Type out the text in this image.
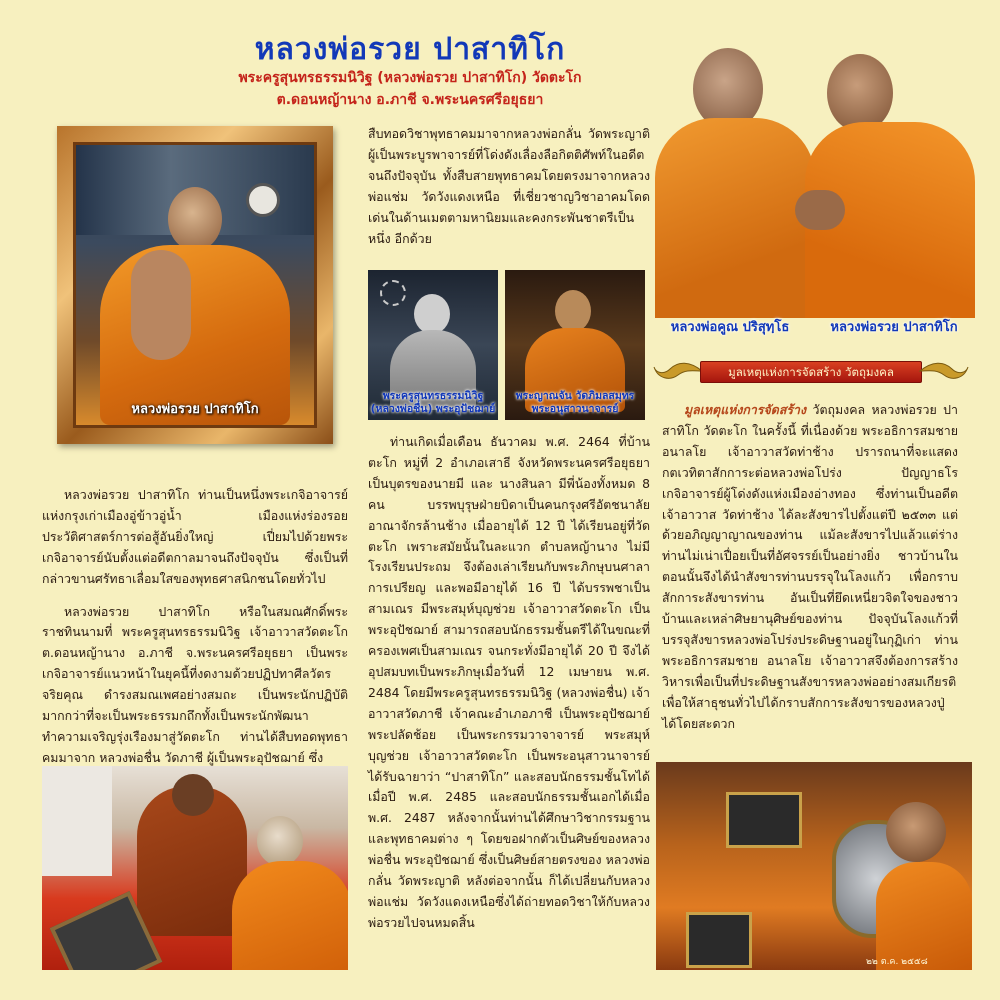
หลวงพ่อรวย ปาสาทิโก
พระครูสุนทรธรรมนิวิฐ (หลวงพ่อรวย ปาสาทิโก) วัดตะโก
ต.ดอนหญ้านาง อ.ภาชี จ.พระนครศรีอยุธยา
หลวงพ่อรวย ปาสาทิโก

หลวงพ่อรวย ปาสาทิโก ท่านเป็นหนึ่งพระเกจิอาจารย์แห่งกรุงเก่าเมืองอู่ข้าวอู่น้ำ เมืองแห่งร่องรอยประวัติศาสตร์การต่อสู้อันยิ่งใหญ่ เปี่ยมไปด้วยพระเกจิอาจารย์นับตั้งแต่อดีตกาลมาจนถึงปัจจุบัน ซึ่งเป็นที่กล่าวขานศรัทธาเลื่อมใสของพุทธศาสนิกชนโดยทั่วไป

หลวงพ่อรวย ปาสาทิโก หรือในสมณศักดิ์พระราชทินนามที่ พระครูสุนทรธรรมนิวิฐ เจ้าอาวาสวัดตะโก ต.ดอนหญ้านาง อ.ภาชี จ.พระนครศรีอยุธยา เป็นพระเกจิอาจารย์แนวหน้าในยุคนี้ที่งดงามด้วยปฏิปทาศีลวัตรจริยคุณ ดำรงสมณเพศอย่างสมถะ เป็นพระนักปฏิบัติมากกว่าที่จะเป็นพระธรรมกถึกทั้งเป็นพระนักพัฒนาทำความเจริญรุ่งเรืองมาสู่วัดตะโก ท่านได้สืบทอดพุทธาคมมาจาก หลวงพ่อชื่น วัดภาชี ผู้เป็นพระอุปัชฌาย์ ซึ่ง

สืบทอดวิชาพุทธาคมมาจากหลวงพ่อกลั่น วัดพระญาติ ผู้เป็นพระบูรพาจารย์ที่โด่งดังเลื่องลือกิตติศัพท์ในอดีตจนถึงปัจจุบัน ทั้งสืบสายพุทธาคมโดยตรงมาจากหลวงพ่อแช่ม วัดวังแดงเหนือ ที่เชี่ยวชาญวิชาอาคมโดดเด่นในด้านเมตตามหานิยมและคงกระพันชาตรีเป็นหนึ่ง อีกด้วย

พระครูสุนทรธรรมนิวิฐ (หลวงพ่อชื่น) พระอุปัชฌาย์
พระญาณจัน วัดภิมลสมุทร พระอนุสาวนาจารย์

ท่านเกิดเมื่อเดือน ธันวาคม พ.ศ. 2464 ที่บ้านตะโก หมู่ที่ 2 อำเภอเสาธี จังหวัดพระนครศรีอยุธยา เป็นบุตรของนายมี และ นางสินลา มีพี่น้องทั้งหมด 8 คน บรรพบุรุษฝ่ายบิดาเป็นคนกรุงศรีอัตชนาลัย อาณาจักรล้านช้าง เมื่ออายุได้ 12 ปี ได้เรียนอยู่ที่วัดตะโก เพราะสมัยนั้นในละแวก ตำบลหญ้านาง ไม่มีโรงเรียนประถม จึงต้องเล่าเรียนกับพระภิกษุบนศาลาการเปรียญ และพอมีอายุได้ 16 ปี ได้บรรพชาเป็นสามเณร มีพระสมุห์บุญช่วย เจ้าอาวาสวัดตะโก เป็นพระอุปัชฌาย์ สามารถสอบนักธรรมชั้นตรีได้ในขณะที่ครองเพศเป็นสามเณร จนกระทั่งมีอายุได้ 20 ปี จึงได้อุปสมบทเป็นพระภิกษุเมื่อวันที่ 12 เมษายน พ.ศ. 2484 โดยมีพระครูสุนทรธรรมนิวิฐ (หลวงพ่อชื่น) เจ้าอาวาสวัดภาชี เจ้าคณะอำเภอภาชี เป็นพระอุปัชฌาย์ พระปลัดช้อย เป็นพระกรรมวาจาจารย์ พระสมุห์บุญช่วย เจ้าอาวาสวัดตะโก เป็นพระอนุสาวนาจารย์ ได้รับฉายาว่า “ปาสาทิโก” และสอบนักธรรมชั้นโทได้เมื่อปี พ.ศ. 2485 และสอบนักธรรมชั้นเอกได้เมื่อ พ.ศ. 2487 หลังจากนั้นท่านได้ศึกษาวิชากรรมฐานและพุทธาคมต่าง ๆ โดยขอฝากตัวเป็นศิษย์ของหลวงพ่อชื่น พระอุปัชฌาย์ ซึ่งเป็นศิษย์สายตรงของ หลวงพ่อกลั่น วัดพระญาติ หลังต่อจากนั้น ก็ได้เปลี่ยนกับหลวงพ่อแช่ม วัดวังแดงเหนือซึ่งได้ถ่ายทอดวิชาให้กับหลวงพ่อรวยไปจนหมดสิ้น

หลวงพ่อคูณ ปริสุทฺโธ	หลวงพ่อรวย ปาสาทิโก
มูลเหตุแห่งการจัดสร้าง วัตถุมงคล

มูลเหตุแห่งการจัดสร้าง วัตถุมงคล หลวงพ่อรวย ปาสาทิโก วัดตะโก ในครั้งนี้ ที่เนื่องด้วย พระอธิการสมชาย อนาลโย เจ้าอาวาสวัดท่าช้าง ปรารถนาที่จะแสดงกตเวทิตาสักการะต่อหลวงพ่อโปร่ง ปัญญาธโร เกจิอาจารย์ผู้โด่งดังแห่งเมืองอ่างทอง ซึ่งท่านเป็นอดีตเจ้าอาวาส วัดท่าช้าง ได้ละสังขารไปตั้งแต่ปี ๒๕๓๓ แต่ด้วยอภิญญาญาณของท่าน แม้ละสังขารไปแล้วแต่ร่างท่านไม่เน่าเปื่อยเป็นที่อัศจรรย์เป็นอย่างยิ่ง ชาวบ้านในตอนนั้นจึงได้นำสังขารท่านบรรจุในโลงแก้ว เพื่อกราบสักการะสังขารท่าน อันเป็นที่ยึดเหนี่ยวจิตใจของชาวบ้านและเหล่าศิษยานุศิษย์ของท่าน ปัจจุบันโลงแก้วที่บรรจุสังขารหลวงพ่อโปร่งประดิษฐานอยู่ในกุฏิเก่า ท่านพระอธิการสมชาย อนาลโย เจ้าอาวาสจึงต้องการสร้างวิหารเพื่อเป็นที่ประดิษฐานสังขารหลวงพ่ออย่างสมเกียรติเพื่อให้สาธุชนทั่วไปได้กราบสักการะสังขารของหลวงปู่ได้โดยสะดวก

๒๒ ต.ค. ๒๕๕๘
